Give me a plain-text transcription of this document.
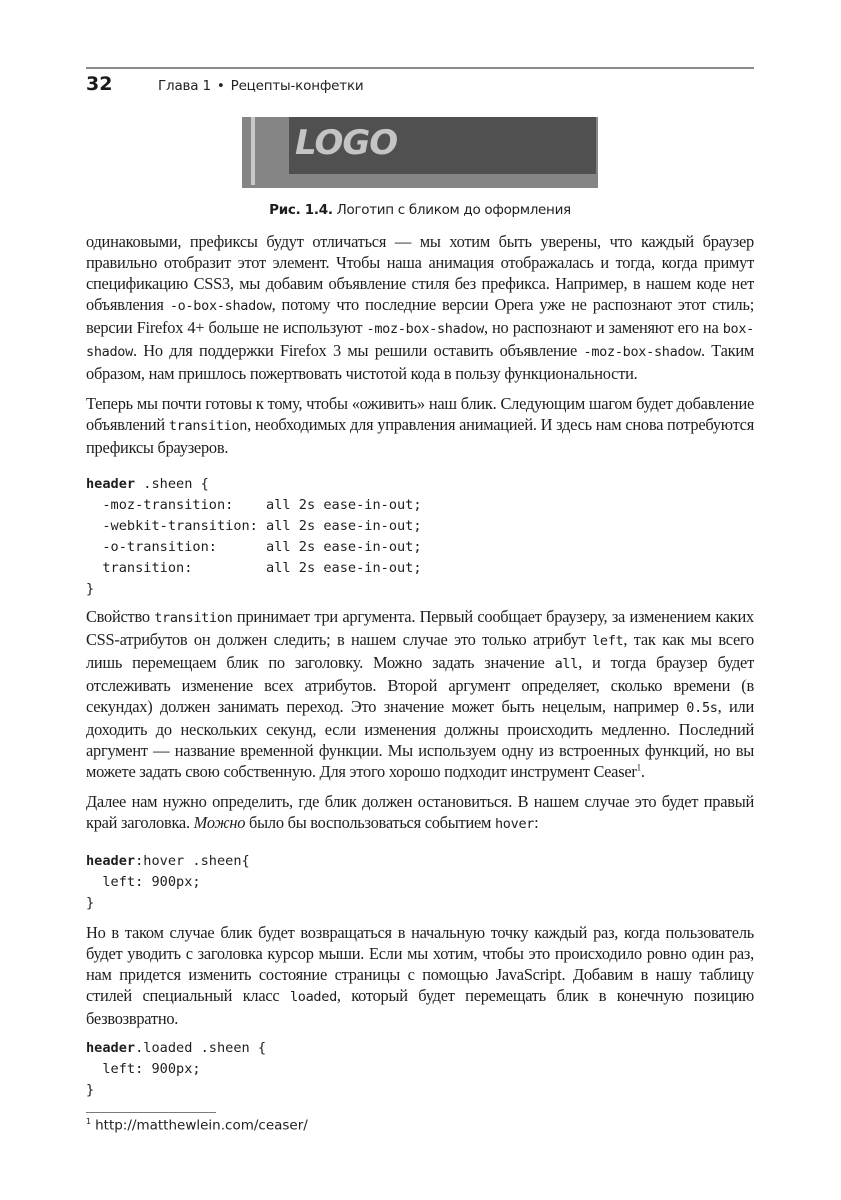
32	Глава 1 • Рецепты-конфетки
LOGO
Рис. 1.4. Логотип с бликом до оформления

одинаковыми, префиксы будут отличаться — мы хотим быть уверены, что каждый браузер правильно отобразит этот элемент. Чтобы наша анимация отображалась и тогда, когда примут спецификацию CSS3, мы добавим объявление стиля без префикса. Например, в нашем коде нет объявления -o-box-shadow, потому что последние версии Opera уже не распознают этот стиль; версии Firefox 4+ больше не используют -moz-box-shadow, но распознают и заменяют его на box-shadow. Но для поддержки Firefox 3 мы решили оставить объявление -moz-box-shadow. Таким образом, нам пришлось пожертвовать чистотой кода в пользу функциональности.

Теперь мы почти готовы к тому, чтобы «оживить» наш блик. Следующим шагом будет добавление объявлений transition, необходимых для управления анимацией. И здесь нам снова потребуются префиксы браузеров.

header .sheen {
-moz-transition:    all 2s ease-in-out;
-webkit-transition: all 2s ease-in-out;
-o-transition:      all 2s ease-in-out;
transition:         all 2s ease-in-out;
}

Свойство transition принимает три аргумента. Первый сообщает браузеру, за изменением каких CSS-атрибутов он должен следить; в нашем случае это только атрибут left, так как мы всего лишь перемещаем блик по заголовку. Можно задать значение all, и тогда браузер будет отслеживать изменение всех атрибутов. Второй аргумент определяет, сколько времени (в секундах) должен занимать переход. Это значение может быть нецелым, например 0.5s, или доходить до нескольких секунд, если изменения должны происходить медленно. Последний аргумент — название временной функции. Мы используем одну из встроенных функций, но вы можете задать свою собственную. Для этого хорошо подходит инструмент Ceaser$^1$.

Далее нам нужно определить, где блик должен остановиться. В нашем случае это будет правый край заголовка. Можно было бы воспользоваться событием hover:

header:hover .sheen{
left: 900px;
}

Но в таком случае блик будет возвращаться в начальную точку каждый раз, когда пользователь будет уводить с заголовка курсор мыши. Если мы хотим, чтобы это происходило ровно один раз, нам придется изменить состояние страницы с помощью JavaScript. Добавим в нашу таблицу стилей специальный класс loaded, который будет перемещать блик в конечную позицию безвозвратно.

header.loaded .sheen {
left: 900px;
}
$^1$ http://matthewlein.com/ceaser/
